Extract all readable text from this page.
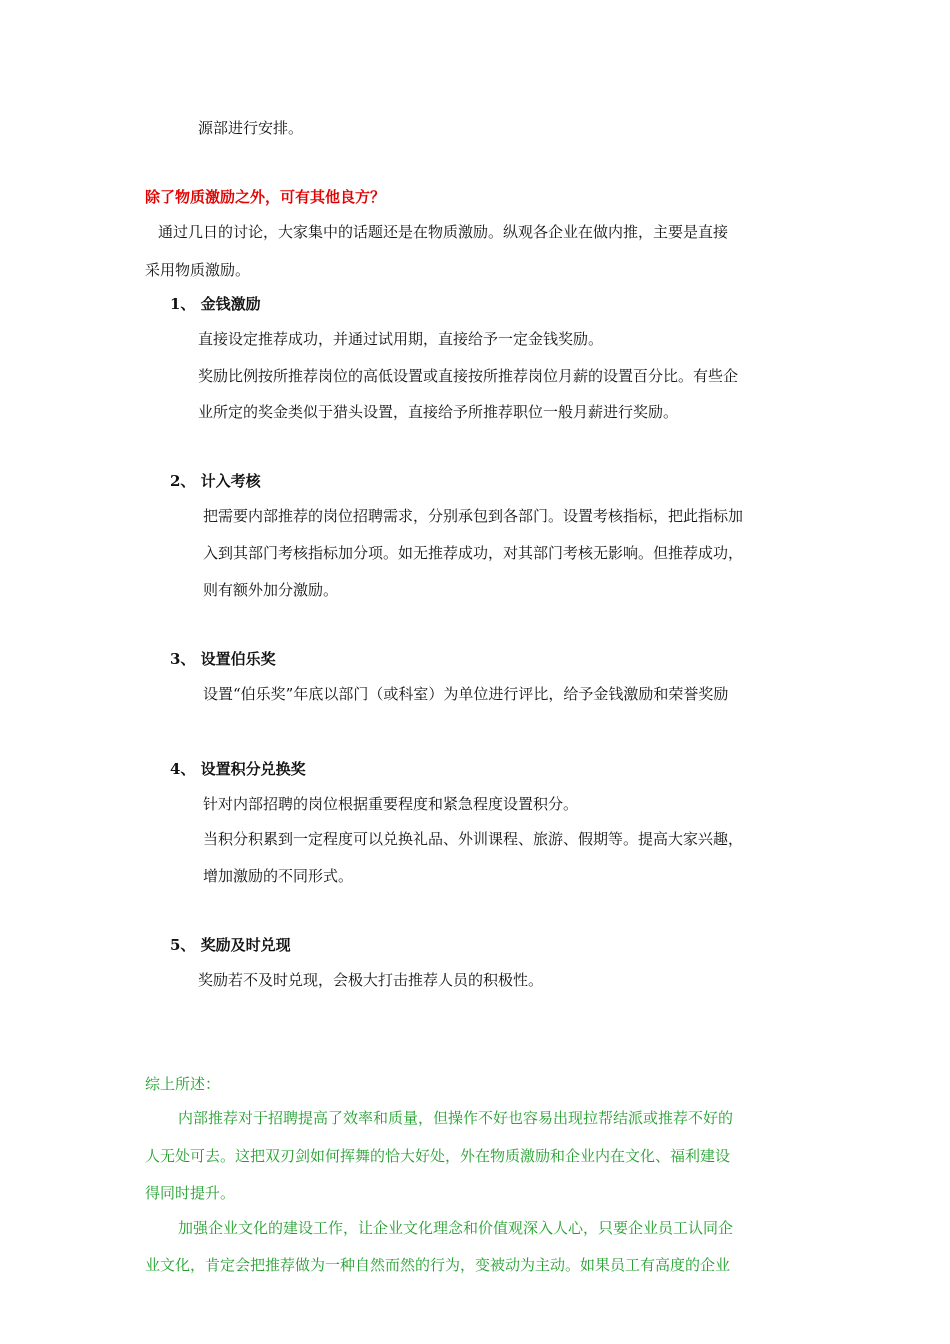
源部进行安排。
除了物质激励之外，可有其他良方？
通过几日的讨论，大家集中的话题还是在物质激励。纵观各企业在做内推，主要是直接
采用物质激励。
1、 金钱激励
直接设定推荐成功，并通过试用期，直接给予一定金钱奖励。
奖励比例按所推荐岗位的高低设置或直接按所推荐岗位月薪的设置百分比。有些企
业所定的奖金类似于猎头设置，直接给予所推荐职位一般月薪进行奖励。
2、 计入考核
把需要内部推荐的岗位招聘需求，分别承包到各部门。设置考核指标，把此指标加
入到其部门考核指标加分项。如无推荐成功，对其部门考核无影响。但推荐成功，
则有额外加分激励。
3、 设置伯乐奖
设置“伯乐奖”年底以部门（或科室）为单位进行评比，给予金钱激励和荣誉奖励
4、 设置积分兑换奖
针对内部招聘的岗位根据重要程度和紧急程度设置积分。
当积分积累到一定程度可以兑换礼品、外训课程、旅游、假期等。提高大家兴趣，
增加激励的不同形式。
5、 奖励及时兑现
奖励若不及时兑现，会极大打击推荐人员的积极性。
综上所述：
内部推荐对于招聘提高了效率和质量，但操作不好也容易出现拉帮结派或推荐不好的
人无处可去。这把双刃剑如何挥舞的恰大好处，外在物质激励和企业内在文化、福利建设
得同时提升。
加强企业文化的建设工作，让企业文化理念和价值观深入人心，只要企业员工认同企
业文化，肯定会把推荐做为一种自然而然的行为，变被动为主动。如果员工有高度的企业
